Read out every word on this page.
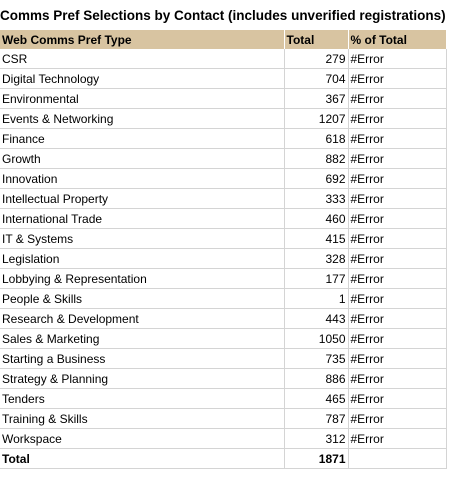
Comms Pref Selections by Contact (includes unverified registrations)
Web Comms Pref Type	Total	% of Total
CSR	279	#Error
Digital Technology	704	#Error
Environmental	367	#Error
Events & Networking	1207	#Error
Finance	618	#Error
Growth	882	#Error
Innovation	692	#Error
Intellectual Property	333	#Error
International Trade	460	#Error
IT & Systems	415	#Error
Legislation	328	#Error
Lobbying & Representation	177	#Error
People & Skills	1	#Error
Research & Development	443	#Error
Sales & Marketing	1050	#Error
Starting a Business	735	#Error
Strategy & Planning	886	#Error
Tenders	465	#Error
Training & Skills	787	#Error
Workspace	312	#Error
Total	1871	
